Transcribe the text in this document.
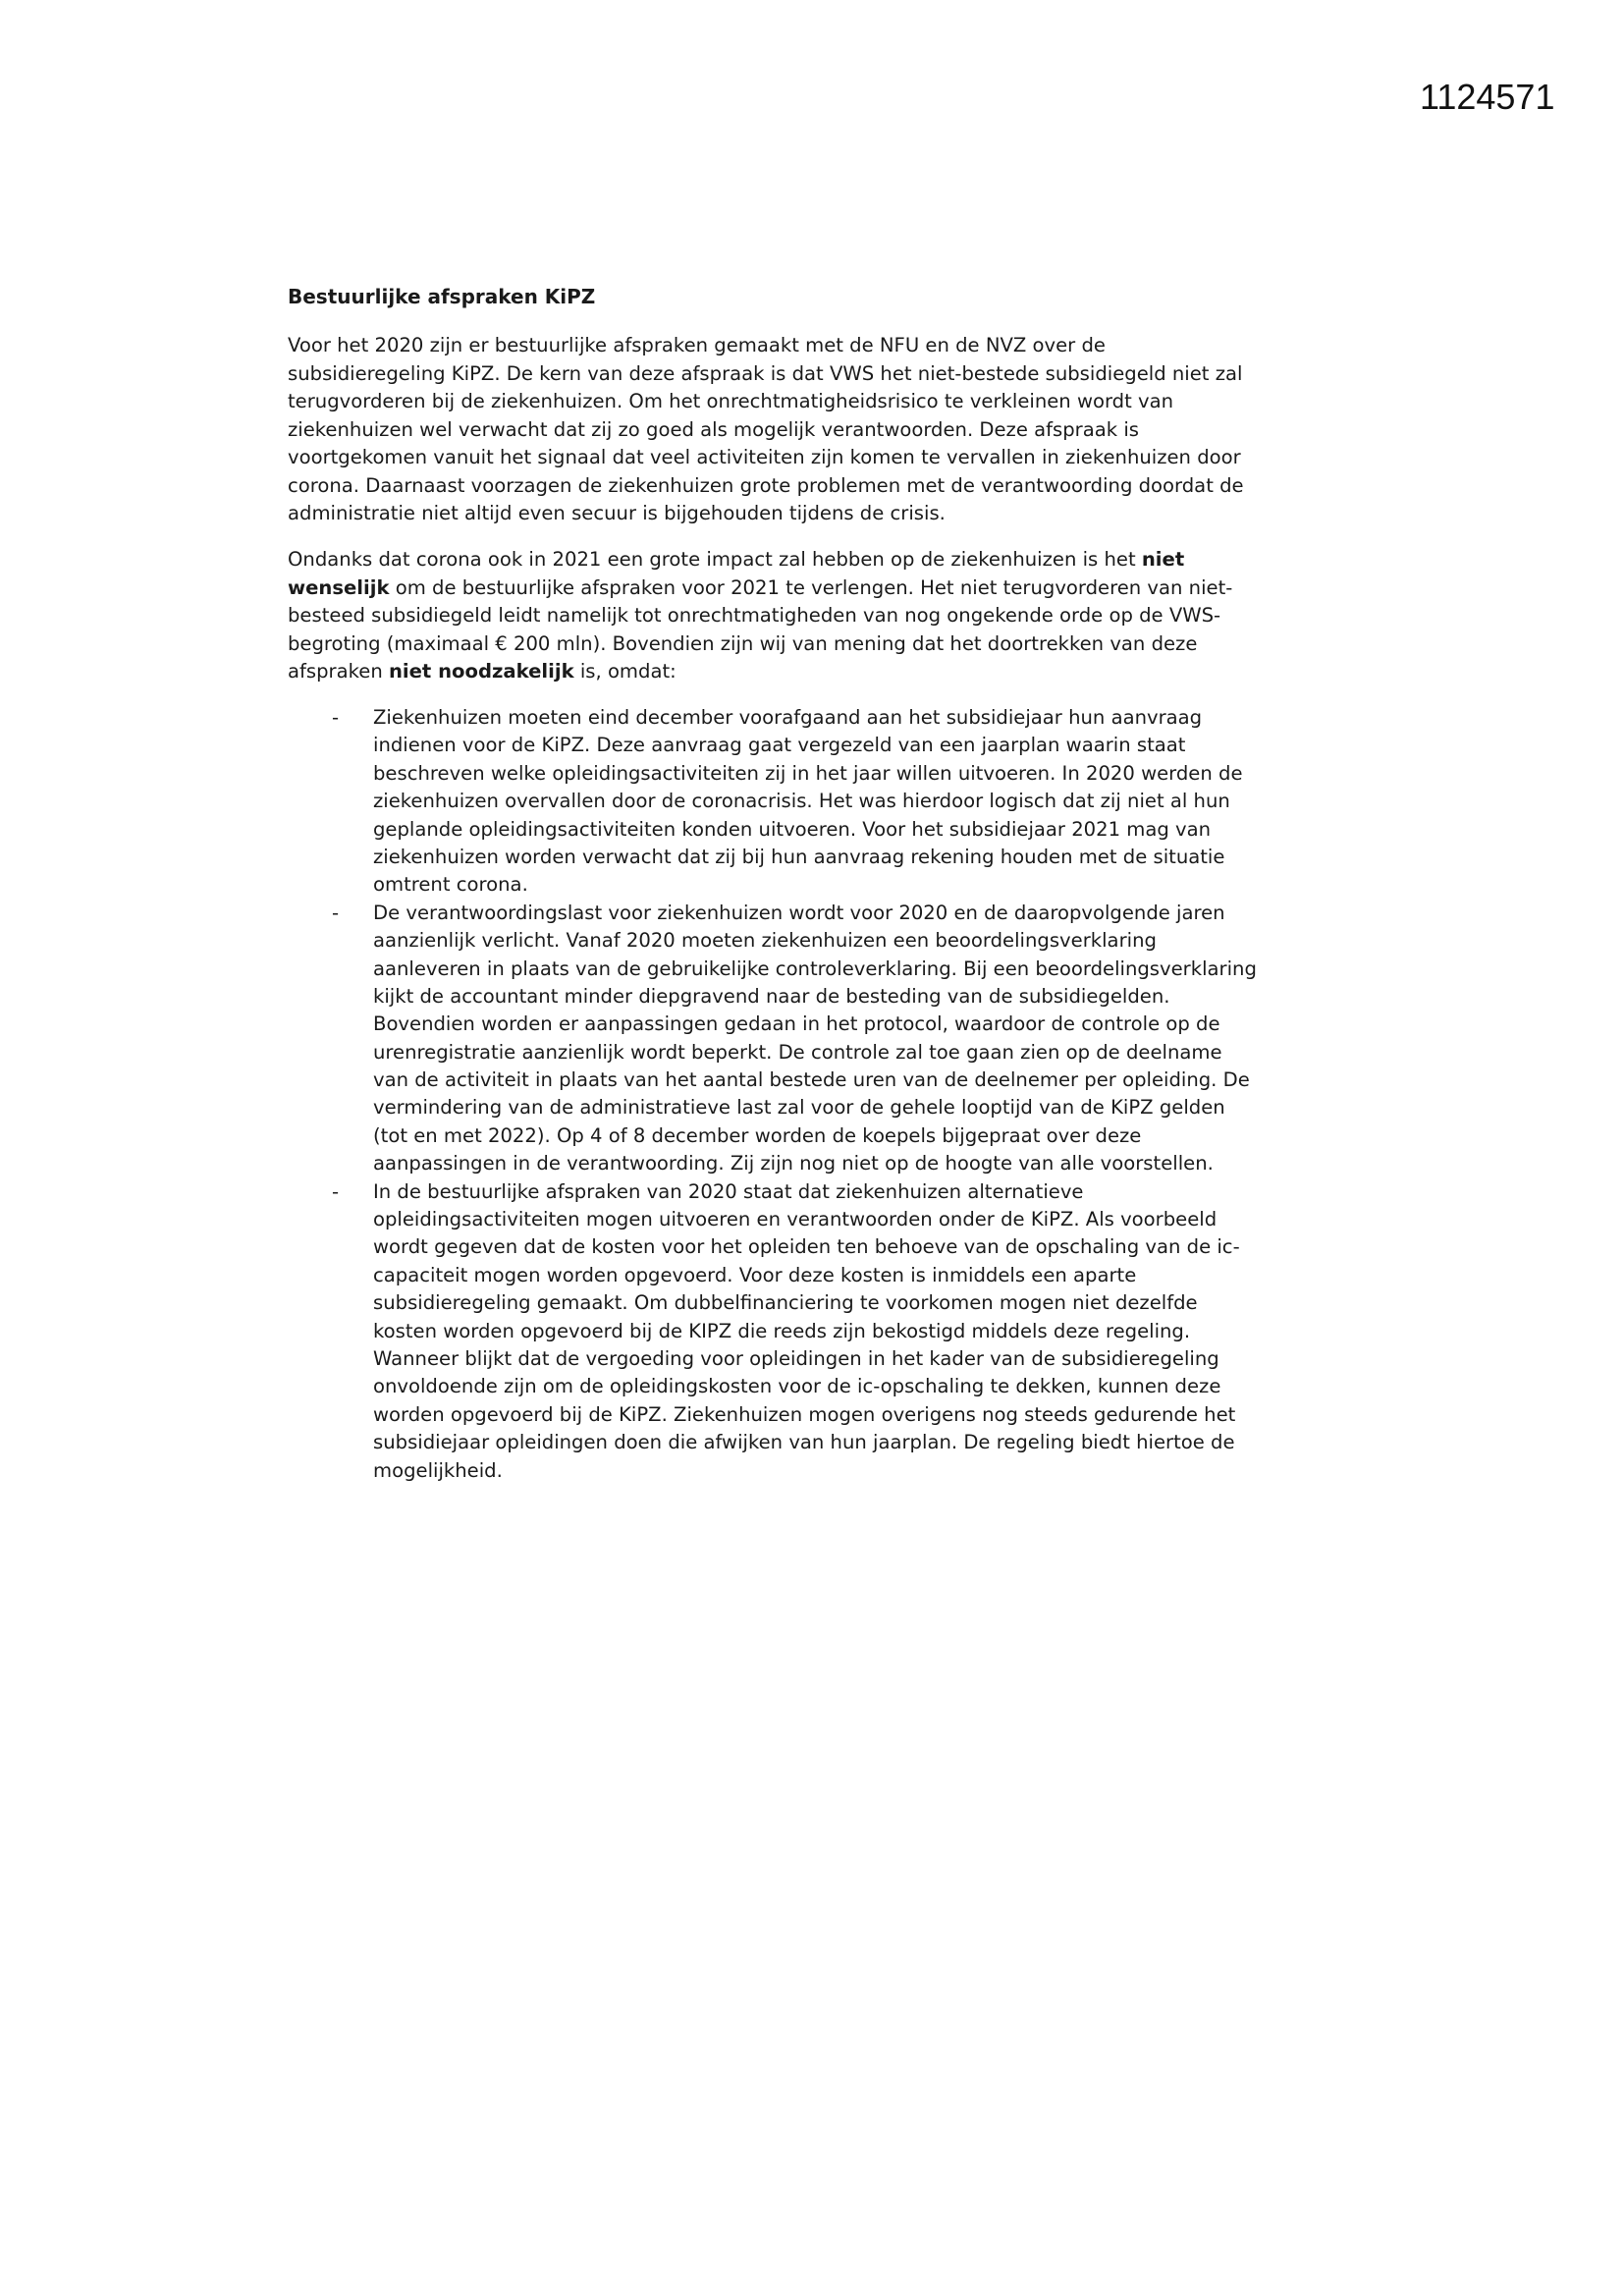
1124571
Bestuurlijke afspraken KiPZ
Voor het 2020 zijn er bestuurlijke afspraken gemaakt met de NFU en de NVZ over de
subsidieregeling KiPZ. De kern van deze afspraak is dat VWS het niet-bestede subsidiegeld niet zal
terugvorderen bij de ziekenhuizen. Om het onrechtmatigheidsrisico te verkleinen wordt van
ziekenhuizen wel verwacht dat zij zo goed als mogelijk verantwoorden. Deze afspraak is
voortgekomen vanuit het signaal dat veel activiteiten zijn komen te vervallen in ziekenhuizen door
corona. Daarnaast voorzagen de ziekenhuizen grote problemen met de verantwoording doordat de
administratie niet altijd even secuur is bijgehouden tijdens de crisis.
Ondanks dat corona ook in 2021 een grote impact zal hebben op de ziekenhuizen is het niet
wenselijk om de bestuurlijke afspraken voor 2021 te verlengen. Het niet terugvorderen van niet-
besteed subsidiegeld leidt namelijk tot onrechtmatigheden van nog ongekende orde op de VWS-
begroting (maximaal € 200 mln). Bovendien zijn wij van mening dat het doortrekken van deze
afspraken niet noodzakelijk is, omdat:
- Ziekenhuizen moeten eind december voorafgaand aan het subsidiejaar hun aanvraag
indienen voor de KiPZ. Deze aanvraag gaat vergezeld van een jaarplan waarin staat
beschreven welke opleidingsactiviteiten zij in het jaar willen uitvoeren. In 2020 werden de
ziekenhuizen overvallen door de coronacrisis. Het was hierdoor logisch dat zij niet al hun
geplande opleidingsactiviteiten konden uitvoeren. Voor het subsidiejaar 2021 mag van
ziekenhuizen worden verwacht dat zij bij hun aanvraag rekening houden met de situatie
omtrent corona.
- De verantwoordingslast voor ziekenhuizen wordt voor 2020 en de daaropvolgende jaren
aanzienlijk verlicht. Vanaf 2020 moeten ziekenhuizen een beoordelingsverklaring
aanleveren in plaats van de gebruikelijke controleverklaring. Bij een beoordelingsverklaring
kijkt de accountant minder diepgravend naar de besteding van de subsidiegelden.
Bovendien worden er aanpassingen gedaan in het protocol, waardoor de controle op de
urenregistratie aanzienlijk wordt beperkt. De controle zal toe gaan zien op de deelname
van de activiteit in plaats van het aantal bestede uren van de deelnemer per opleiding. De
vermindering van de administratieve last zal voor de gehele looptijd van de KiPZ gelden
(tot en met 2022). Op 4 of 8 december worden de koepels bijgepraat over deze
aanpassingen in de verantwoording. Zij zijn nog niet op de hoogte van alle voorstellen.
- In de bestuurlijke afspraken van 2020 staat dat ziekenhuizen alternatieve
opleidingsactiviteiten mogen uitvoeren en verantwoorden onder de KiPZ. Als voorbeeld
wordt gegeven dat de kosten voor het opleiden ten behoeve van de opschaling van de ic-
capaciteit mogen worden opgevoerd. Voor deze kosten is inmiddels een aparte
subsidieregeling gemaakt. Om dubbelfinanciering te voorkomen mogen niet dezelfde
kosten worden opgevoerd bij de KIPZ die reeds zijn bekostigd middels deze regeling.
Wanneer blijkt dat de vergoeding voor opleidingen in het kader van de subsidieregeling
onvoldoende zijn om de opleidingskosten voor de ic-opschaling te dekken, kunnen deze
worden opgevoerd bij de KiPZ. Ziekenhuizen mogen overigens nog steeds gedurende het
subsidiejaar opleidingen doen die afwijken van hun jaarplan. De regeling biedt hiertoe de
mogelijkheid.
